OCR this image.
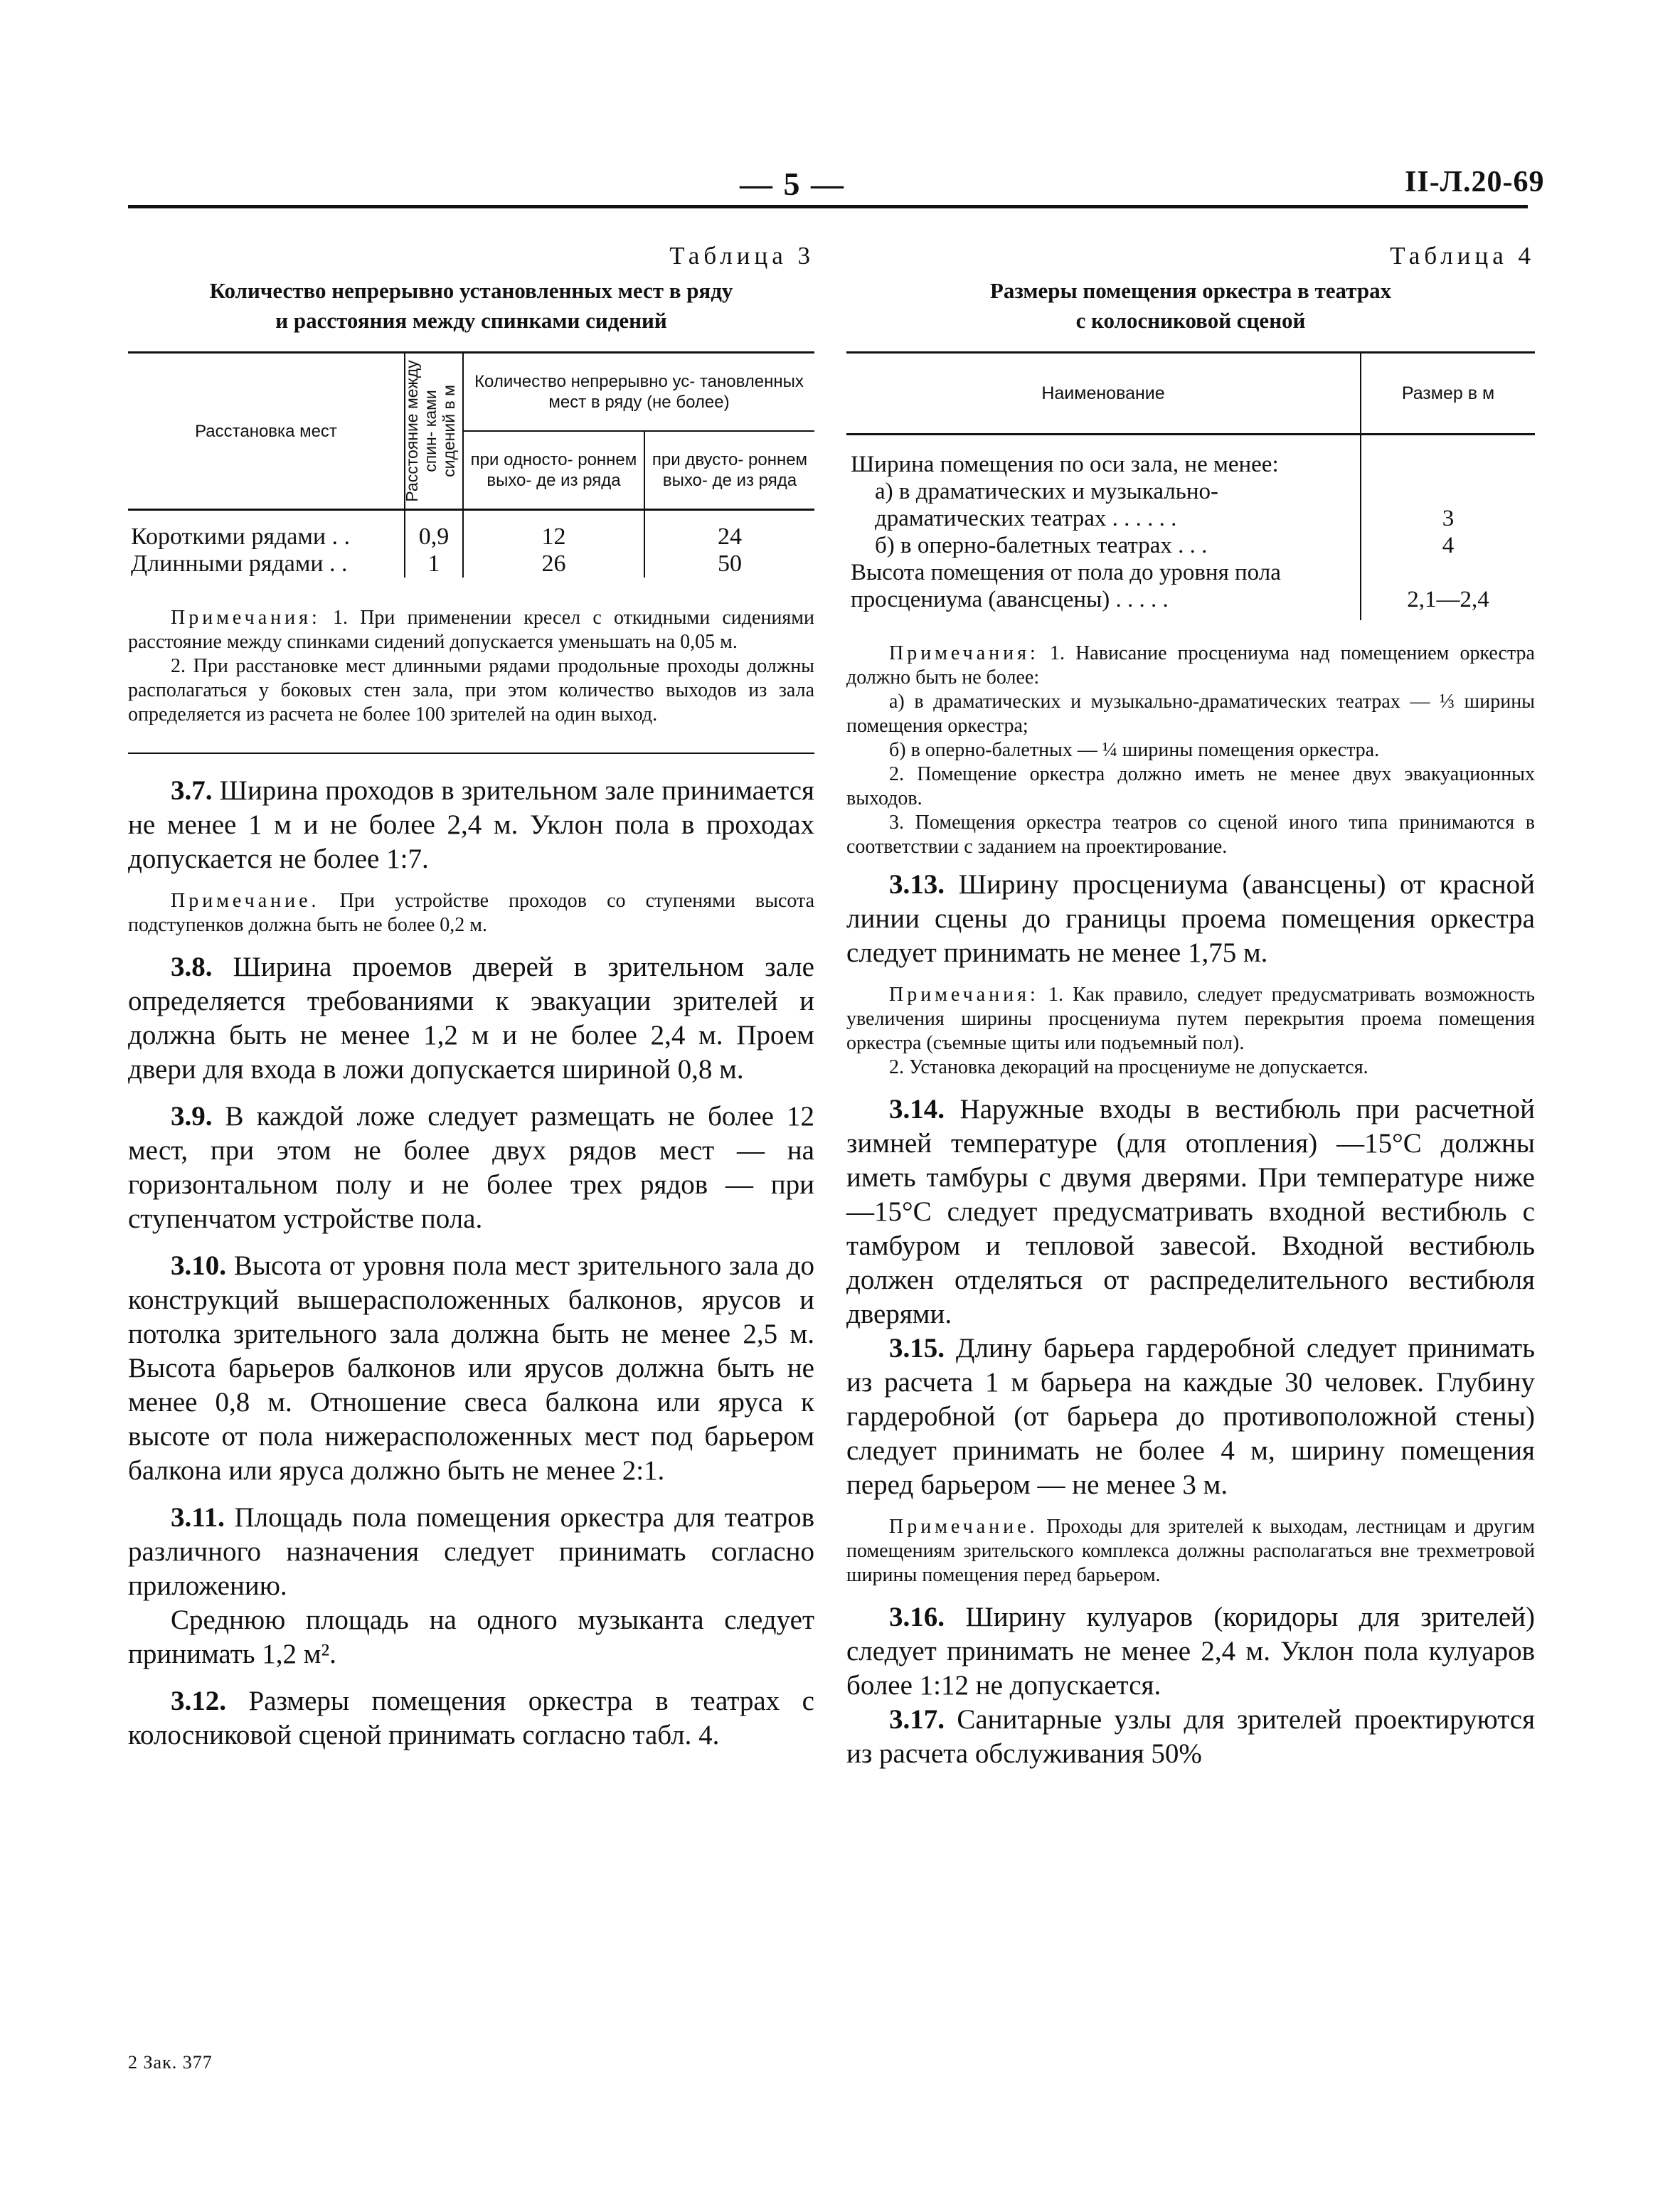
— 5 —	II-Л.20-69
Таблица 3
Количество непрерывно установленных мест в ряду
и расстояния между спинками сидений
Расстановка мест	Расстояние между спин- ками сидений в м	Количество непрерывно ус- тановленных мест в ряду (не более)	
		при односто- роннем выхо- де из ряда	при двусто- роннем выхо- де из ряда
Короткими рядами . .	0,9	12	24
Длинными рядами . .	1	26	50

Примечания: 1. При применении кресел с откидными сидениями расстояние между спинками сидений допускается уменьшать на 0,05 м.

2. При расстановке мест длинными рядами продольные проходы должны располагаться у боковых стен зала, при этом количество выходов из зала определяется из расчета не более 100 зрителей на один выход.

3.7. Ширина проходов в зрительном зале принимается не менее 1 м и не более 2,4 м. Уклон пола в проходах допускается не более 1:7.

Примечание. При устройстве проходов со ступенями высота подступенков должна быть не более 0,2 м.

3.8. Ширина проемов дверей в зрительном зале определяется требованиями к эвакуации зрителей и должна быть не менее 1,2 м и не более 2,4 м. Проем двери для входа в ложи допускается шириной 0,8 м.

3.9. В каждой ложе следует размещать не более 12 мест, при этом не более двух рядов мест — на горизонтальном полу и не более трех рядов — при ступенчатом устройстве пола.

3.10. Высота от уровня пола мест зрительного зала до конструкций вышерасположенных балконов, ярусов и потолка зрительного зала должна быть не менее 2,5 м. Высота барьеров балконов или ярусов должна быть не менее 0,8 м. Отношение свеса балкона или яруса к высоте от пола нижерасположенных мест под барьером балкона или яруса должно быть не менее 2:1.

3.11. Площадь пола помещения оркестра для театров различного назначения следует принимать согласно приложению.

Среднюю площадь на одного музыканта следует принимать 1,2 м².

3.12. Размеры помещения оркестра в театрах с колосниковой сценой принимать согласно табл. 4.

Таблица 4
Размеры помещения оркестра в театрах
с колосниковой сценой
Наименование	Размер в м
Ширина помещения по оси зала, не менее:	
а) в драматических и музыкально-драматических театрах . . . . . .	3
б) в оперно-балетных театрах . . .	4
Высота помещения от пола до уровня пола просцениума (авансцены) . . . . .	2,1—2,4

Примечания: 1. Нависание просцениума над помещением оркестра должно быть не более:

а) в драматических и музыкально-драматических театрах — ⅓ ширины помещения оркестра;

б) в оперно-балетных — ¼ ширины помещения оркестра.

2. Помещение оркестра должно иметь не менее двух эвакуационных выходов.

3. Помещения оркестра театров со сценой иного типа принимаются в соответствии с заданием на проектирование.

3.13. Ширину просцениума (авансцены) от красной линии сцены до границы проема помещения оркестра следует принимать не менее 1,75 м.

Примечания: 1. Как правило, следует предусматривать возможность увеличения ширины просцениума путем перекрытия проема помещения оркестра (съемные щиты или подъемный пол).

2. Установка декораций на просцениуме не допускается.

3.14. Наружные входы в вестибюль при расчетной зимней температуре (для отопления) —15°С должны иметь тамбуры с двумя дверями. При температуре ниже —15°С следует предусматривать входной вестибюль с тамбуром и тепловой завесой. Входной вестибюль должен отделяться от распределительного вестибюля дверями.

3.15. Длину барьера гардеробной следует принимать из расчета 1 м барьера на каждые 30 человек. Глубину гардеробной (от барьера до противоположной стены) следует принимать не более 4 м, ширину помещения перед барьером — не менее 3 м.

Примечание. Проходы для зрителей к выходам, лестницам и другим помещениям зрительского комплекса должны располагаться вне трехметровой ширины помещения перед барьером.

3.16. Ширину кулуаров (коридоры для зрителей) следует принимать не менее 2,4 м. Уклон пола кулуаров более 1:12 не допускается.

3.17. Санитарные узлы для зрителей проектируются из расчета обслуживания 50%

2 Зак. 377
